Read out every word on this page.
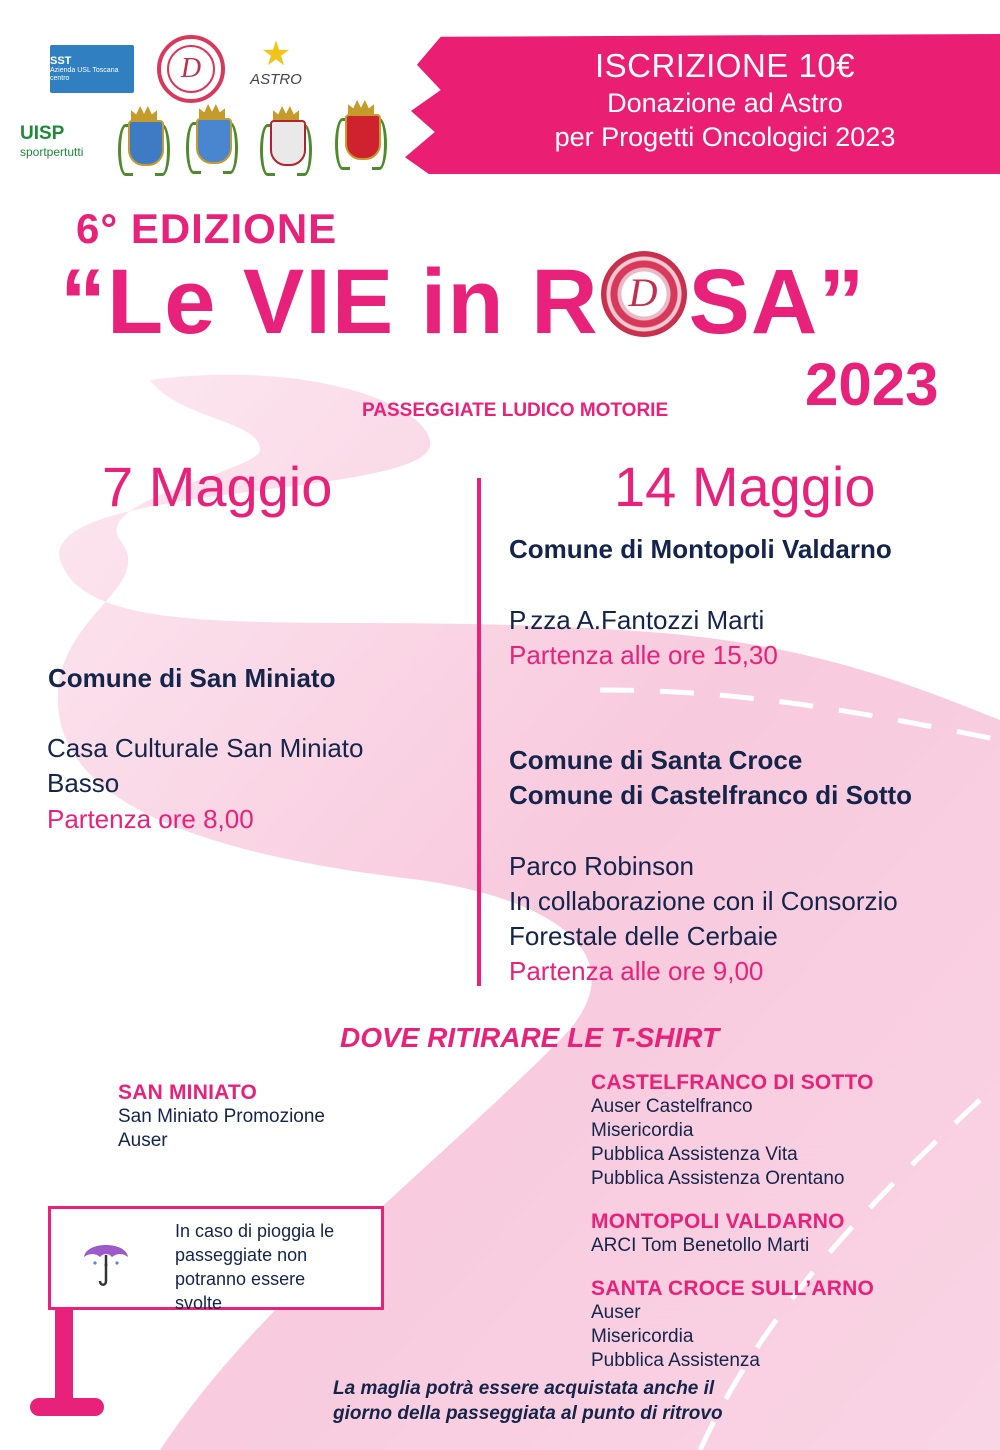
SST
Azienda USL Toscana centro	D ★
ASTRO
UISP
sportpertutti
ISCRIZIONE 10€
Donazione ad Astro
per Progetti Oncologici 2023
6° EDIZIONE
“Le VIE in R D SA”
2023
PASSEGGIATE LUDICO MOTORIE
7 Maggio	14 Maggio
Comune di San Miniato
Casa Culturale San Miniato
Basso
Partenza ore 8,00
Comune di Montopoli Valdarno
P.zza A.Fantozzi Marti
Partenza alle ore 15,30
Comune di Santa Croce
Comune di Castelfranco di Sotto
Parco Robinson
In collaborazione con il Consorzio
Forestale delle Cerbaie
Partenza alle ore 9,00
DOVE RITIRARE LE T-SHIRT
SAN MINIATO
San Miniato Promozione
Auser
CASTELFRANCO DI SOTTO
Auser Castelfranco
Misericordia
Pubblica Assistenza Vita
Pubblica Assistenza Orentano
MONTOPOLI VALDARNO
ARCI Tom Benetollo Marti
SANTA CROCE SULL’ARNO
Auser
Misericordia
Pubblica Assistenza
In caso di pioggia le
passeggiate non
potranno essere
svolte
La maglia potrà essere acquistata anche il
giorno della passeggiata al punto di ritrovo
